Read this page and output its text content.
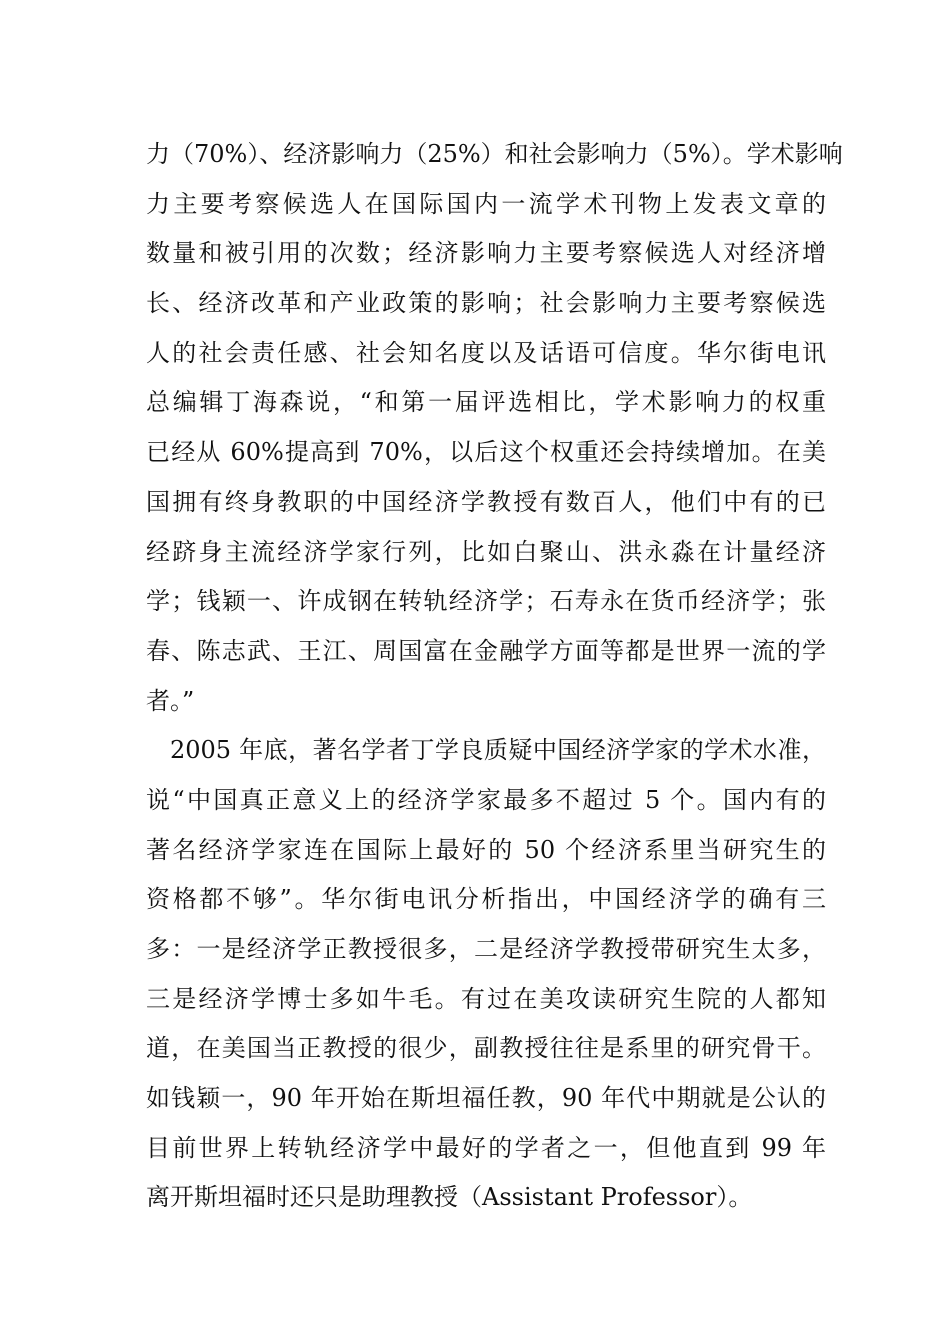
力（70%）、经济影响力（25%）和社会影响力（5%）。学术影响
力主要考察候选人在国际国内一流学术刊物上发表文章的
数量和被引用的次数；经济影响力主要考察候选人对经济增
长、经济改革和产业政策的影响；社会影响力主要考察候选
人的社会责任感、社会知名度以及话语可信度。华尔街电讯
总编辑丁海森说，“和第一届评选相比，学术影响力的权重
已经从 60%提高到 70%，以后这个权重还会持续增加。在美
国拥有终身教职的中国经济学教授有数百人，他们中有的已
经跻身主流经济学家行列，比如白聚山、洪永淼在计量经济
学；钱颖一、许成钢在转轨经济学；石寿永在货币经济学；张
春、陈志武、王江、周国富在金融学方面等都是世界一流的学
者。”
2005 年底，著名学者丁学良质疑中国经济学家的学术水准，
说“中国真正意义上的经济学家最多不超过 5 个。国内有的
著名经济学家连在国际上最好的 50 个经济系里当研究生的
资格都不够”。华尔街电讯分析指出，中国经济学的确有三
多：一是经济学正教授很多，二是经济学教授带研究生太多，
三是经济学博士多如牛毛。有过在美攻读研究生院的人都知
道，在美国当正教授的很少，副教授往往是系里的研究骨干。
如钱颖一，90 年开始在斯坦福任教，90 年代中期就是公认的
目前世界上转轨经济学中最好的学者之一，但他直到 99 年
离开斯坦福时还只是助理教授（Assistant Professor）。
